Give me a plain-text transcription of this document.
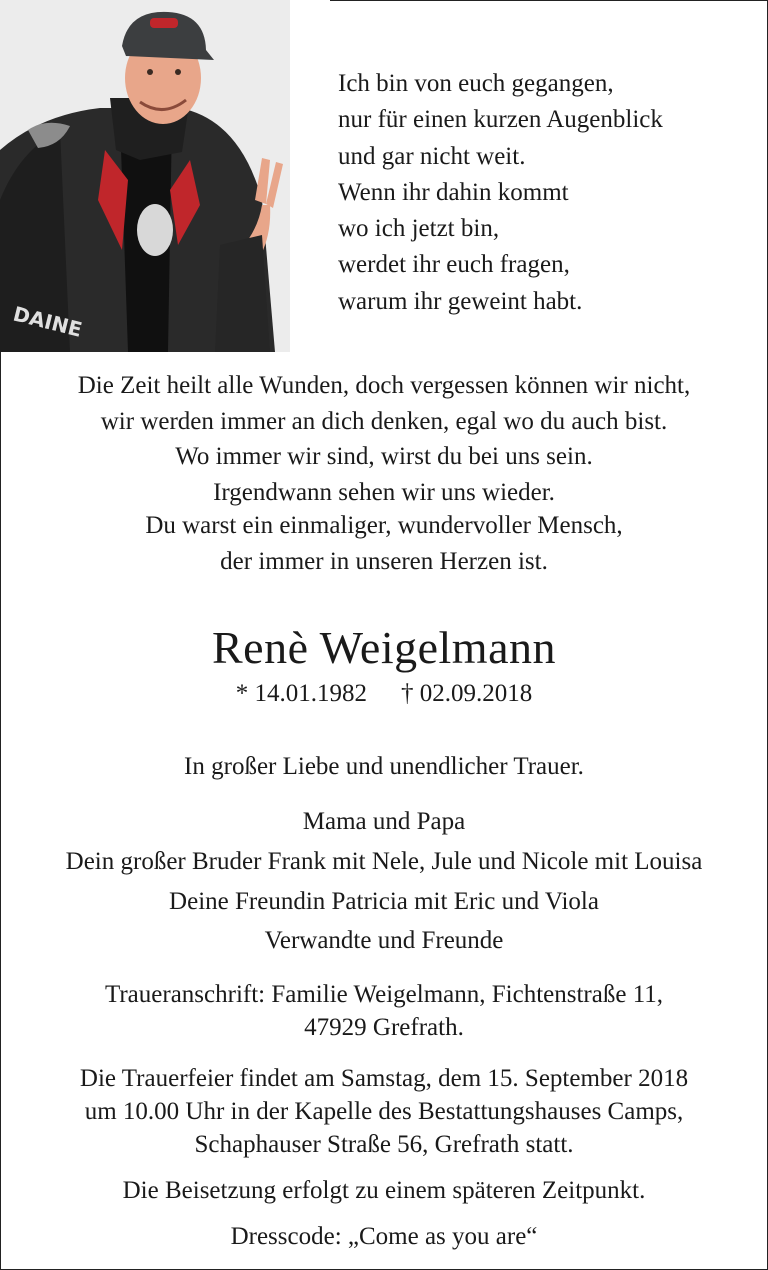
DAINE
Ich bin von euch gegangen,
nur für einen kurzen Augenblick
und gar nicht weit.
Wenn ihr dahin kommt
wo ich jetzt bin,
werdet ihr euch fragen,
warum ihr geweint habt.
Die Zeit heilt alle Wunden, doch vergessen können wir nicht,
wir werden immer an dich denken, egal wo du auch bist.
Wo immer wir sind, wirst du bei uns sein.
Irgendwann sehen wir uns wieder.
Du warst ein einmaliger, wundervoller Mensch,
der immer in unseren Herzen ist.
Renè Weigelmann
* 14.01.1982 † 02.09.2018
In großer Liebe und unendlicher Trauer.
Mama und Papa
Dein großer Bruder Frank mit Nele, Jule und Nicole mit Louisa
Deine Freundin Patricia mit Eric und Viola
Verwandte und Freunde
Traueranschrift: Familie Weigelmann, Fichtenstraße 11,
47929 Grefrath.
Die Trauerfeier findet am Samstag, dem 15. September 2018
um 10.00 Uhr in der Kapelle des Bestattungshauses Camps,
Schaphauser Straße 56, Grefrath statt.
Die Beisetzung erfolgt zu einem späteren Zeitpunkt.
Dresscode: „Come as you are“
